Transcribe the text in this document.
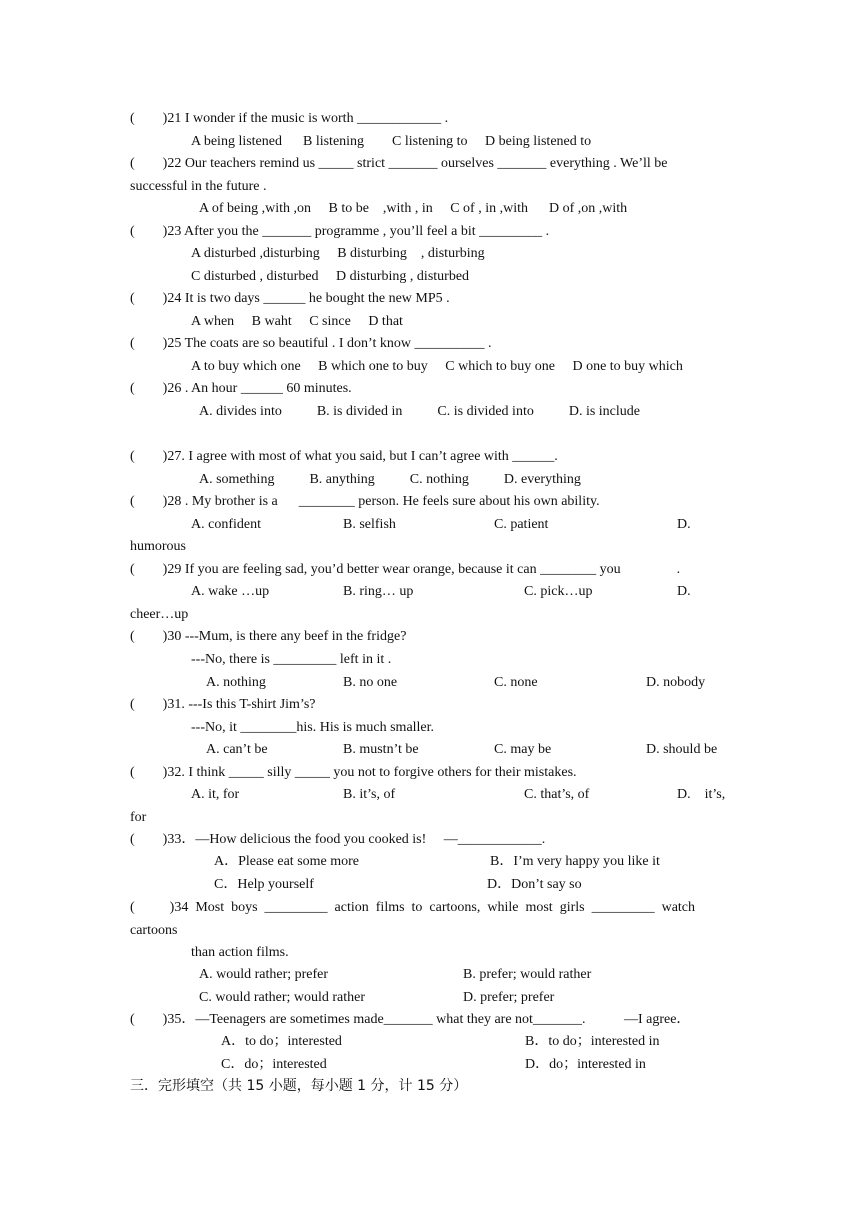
(        )21 I wonder if the music is worth ____________ .
A being listened      B listening        C listening to     D being listened to
(        )22 Our teachers remind us _____ strict _______ ourselves _______ everything . We’ll be
successful in the future .
A of being ,with ,on     B to be    ,with , in     C of , in ,with      D of ,on ,with
(        )23 After you the _______ programme , you’ll feel a bit _________ .
A disturbed ,disturbing     B disturbing    , disturbing
C disturbed , disturbed     D disturbing , disturbed
(        )24 It is two days ______ he bought the new MP5 .
A when     B waht     C since     D that
(        )25 The coats are so beautiful . I don’t know __________ .
A to buy which one     B which one to buy     C which to buy one     D one to buy which
(        )26 . An hour ______ 60 minutes.
A. divides into          B. is divided in          C. is divided into          D. is include
(        )27. I agree with most of what you said, but I can’t agree with ______.
A. something          B. anything          C. nothing          D. everything
(        )28 . My brother is a      ________ person. He feels sure about his own ability.
A. confident	B. selfish	C. patient	D.
humorous
(        )29 If you are feeling sad, you’d better wear orange, because it can ________ you                .
A. wake …up	B. ring… up	C. pick…up	D.
cheer…up
(        )30 ---Mum, is there any beef in the fridge?
---No, there is _________ left in it .
A. nothing	B. no one	C. none	D. nobody
(        )31. ---Is this T-shirt Jim’s?
---No, it ________his. His is much smaller.
A. can’t be	B. mustn’t be	C. may be	D. should be
(        )32. I think _____ silly _____ you not to forgive others for their mistakes.
A. it, for	B. it’s, of	C. that’s, of	D.    it’s,
for
(        )33．—How delicious the food you cooked is!     —____________.
A．Please eat some more	B．I’m very happy you like it
C．Help yourself	D．Don’t say so
(          )34  Most  boys  _________  action  films  to  cartoons,  while  most  girls  _________  watch
cartoons
than action films.
A. would rather; prefer	B. prefer; would rather
C. would rather; would rather	D. prefer; prefer
(        )35．—Teenagers are sometimes made_______ what they are not_______.           —I agree．
A．to do；interested	B．to do；interested in
C．do；interested	D．do；interested in
三．完形填空（共 15 小题，每小题 1 分，计 15 分）
